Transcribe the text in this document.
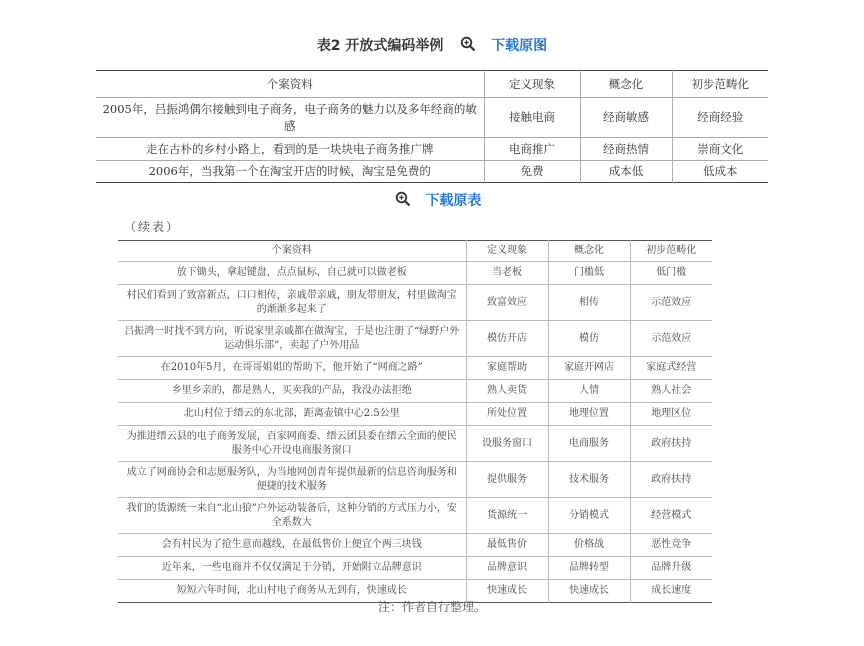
表2 开放式编码举例	下载原图
个案资料	定义现象	概念化	初步范畴化
2005年，吕振鸿偶尔接触到电子商务，电子商务的魅力以及多年经商的敏感	接触电商	经商敏感	经商经验
走在古朴的乡村小路上，看到的是一块块电子商务推广牌	电商推广	经商热情	崇商文化
2006年，当我第一个在淘宝开店的时候，淘宝是免费的	免费	成本低	低成本
下载原表
（续表）
个案资料	定义现象	概念化	初步范畴化
放下锄头，拿起键盘，点点鼠标，自己就可以做老板	当老板	门槛低	低门槛
村民们看到了致富新点，口口相传，亲戚带亲戚，朋友带朋友，村里做淘宝的渐渐多起来了	致富效应	相传	示范效应
吕振鸿一时找不到方向，听说家里亲戚都在做淘宝，于是也注册了“绿野户外运动俱乐部”，卖起了户外用品	模仿开店	模仿	示范效应
在2010年5月，在哥哥姐姐的帮助下，他开始了“网商之路”	家庭帮助	家庭开网店	家庭式经营
乡里乡亲的，都是熟人，买卖我的产品，我没办法拒绝	熟人卖货	人情	熟人社会
北山村位于缙云的东北部，距离壶镇中心2.5公里	所处位置	地理位置	地理区位
为推进缙云县的电子商务发展，百家网商委、缙云团县委在缙云全面的便民服务中心开设电商服务窗口	设服务窗口	电商服务	政府扶持
成立了网商协会和志愿服务队，为当地网创青年提供最新的信息咨询服务和便捷的技术服务	提供服务	技术服务	政府扶持
我们的货源统一来自“北山狼”户外运动装备后，这种分销的方式压力小，安全系数大	货源统一	分销模式	经营模式
会有村民为了抢生意而越线，在最低售价上便宜个两三块钱	最低售价	价格战	恶性竞争
近年来，一些电商并不仅仅满足于分销，开始附立品牌意识	品牌意识	品牌转型	品牌升级
短短六年时间，北山村电子商务从无到有，快速成长	快速成长	快速成长	成长速度
注：作者自行整理。
